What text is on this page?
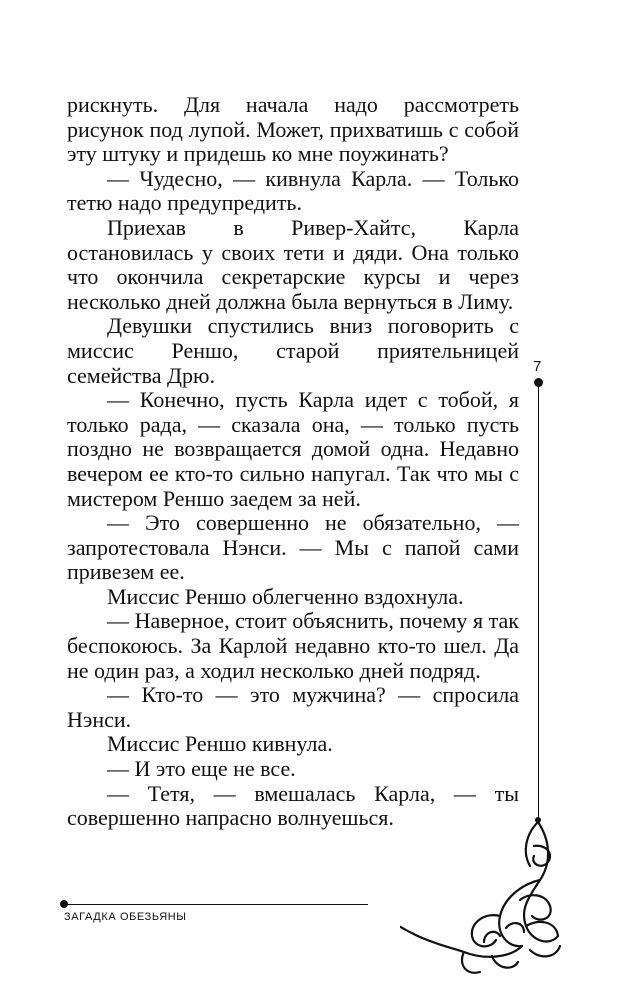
рискнуть. Для начала надо рассмотреть рисунок под лупой. Может, прихватишь с собой эту штуку и придешь ко мне поужинать?

— Чудесно, — кивнула Карла. — Только тетю надо предупредить.

Приехав в Ривер-Хайтс, Карла остановилась у своих тети и дяди. Она только что окончила секретарские курсы и через несколько дней должна была вернуться в Лиму.

Девушки спустились вниз поговорить с миссис Реншо, старой приятельницей семейства Дрю.

— Конечно, пусть Карла идет с тобой, я только рада, — сказала она, — только пусть поздно не возвращается домой одна. Недавно вечером ее кто-то сильно напугал. Так что мы с мистером Реншо заедем за ней.

— Это совершенно не обязательно, — запротестовала Нэнси. — Мы с папой сами привезем ее.

Миссис Реншо облегченно вздохнула.

— Наверное, стоит объяснить, почему я так беспокоюсь. За Карлой недавно кто-то шел. Да не один раз, а ходил несколько дней подряд.

— Кто-то — это мужчина? — спросила Нэнси.

Миссис Реншо кивнула.

— И это еще не все.

— Тетя, — вмешалась Карла, — ты совершенно напрасно волнуешься.

7
ЗАГАДКА ОБЕЗЬЯНЫ
